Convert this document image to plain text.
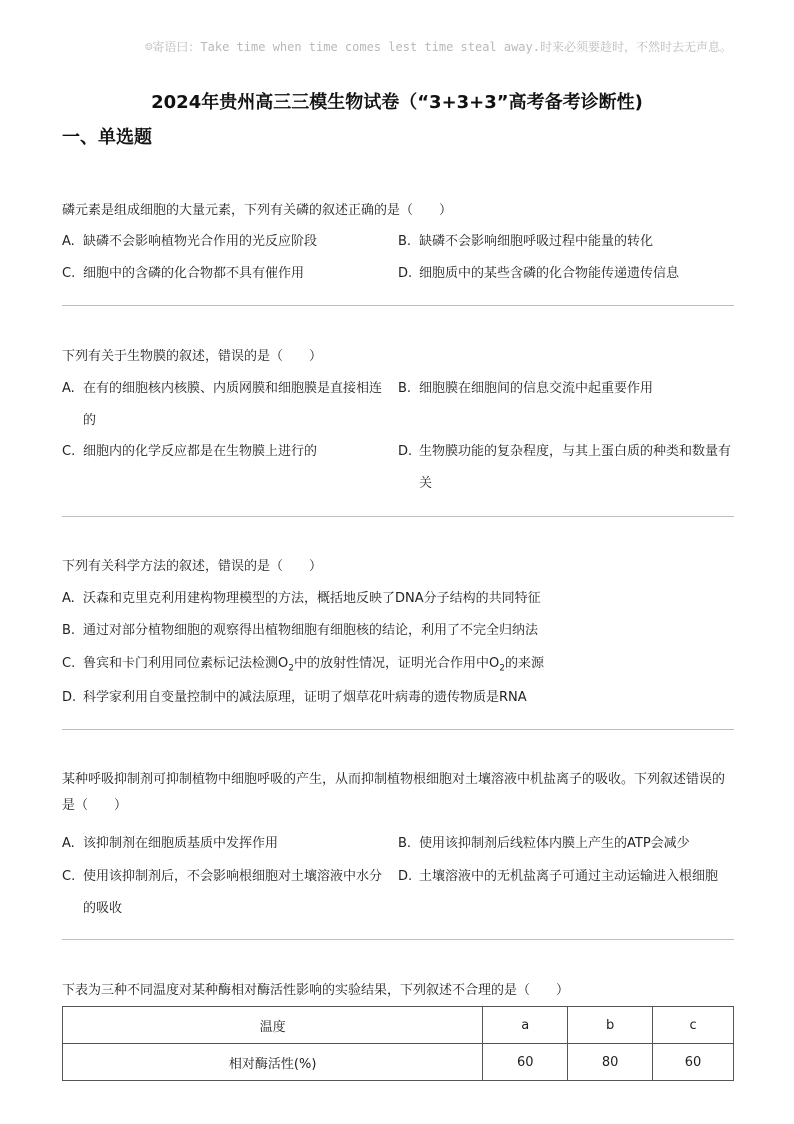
☺寄语曰：Take time when time comes lest time steal away.时来必须要趁时，不然时去无声息。
2024年贵州高三三模生物试卷（“3+3+3”高考备考诊断性)
一、单选题

磷元素是组成细胞的大量元素，下列有关磷的叙述正确的是（　　）

A. 缺磷不会影响植物光合作用的光反应阶段	B. 缺磷不会影响细胞呼吸过程中能量的转化
C. 细胞中的含磷的化合物都不具有催作用	D. 细胞质中的某些含磷的化合物能传递遗传信息

下列有关于生物膜的叙述，错误的是（　　）

A. 在有的细胞核内核膜、内质网膜和细胞膜是直接相连的
B. 细胞膜在细胞间的信息交流中起重要作用
C. 细胞内的化学反应都是在生物膜上进行的	D. 生物膜功能的复杂程度，与其上蛋白质的种类和数量有关

下列有关科学方法的叙述，错误的是（　　）

A. 沃森和克里克利用建构物理模型的方法，概括地反映了DNA分子结构的共同特征
B. 通过对部分植物细胞的观察得出植物细胞有细胞核的结论，利用了不完全归纳法
C. 鲁宾和卡门利用同位素标记法检测$O_2$中的放射性情况，证明光合作用中$O_2$的来源
D. 科学家利用自变量控制中的减法原理，证明了烟草花叶病毒的遗传物质是RNA

某种呼吸抑制剂可抑制植物中细胞呼吸的产生，从而抑制植物根细胞对土壤溶液中机盐离子的吸收。下列叙述错误的是（　　）

A. 该抑制剂在细胞质基质中发挥作用	B. 使用该抑制剂后线粒体内膜上产生的ATP会减少
C. 使用该抑制剂后，不会影响根细胞对土壤溶液中水分的吸收
D. 土壤溶液中的无机盐离子可通过主动运输进入根细胞

下表为三种不同温度对某种酶相对酶活性影响的实验结果，下列叙述不合理的是（　　）

温度	a	b	c
相对酶活性(%)	60	80	60
